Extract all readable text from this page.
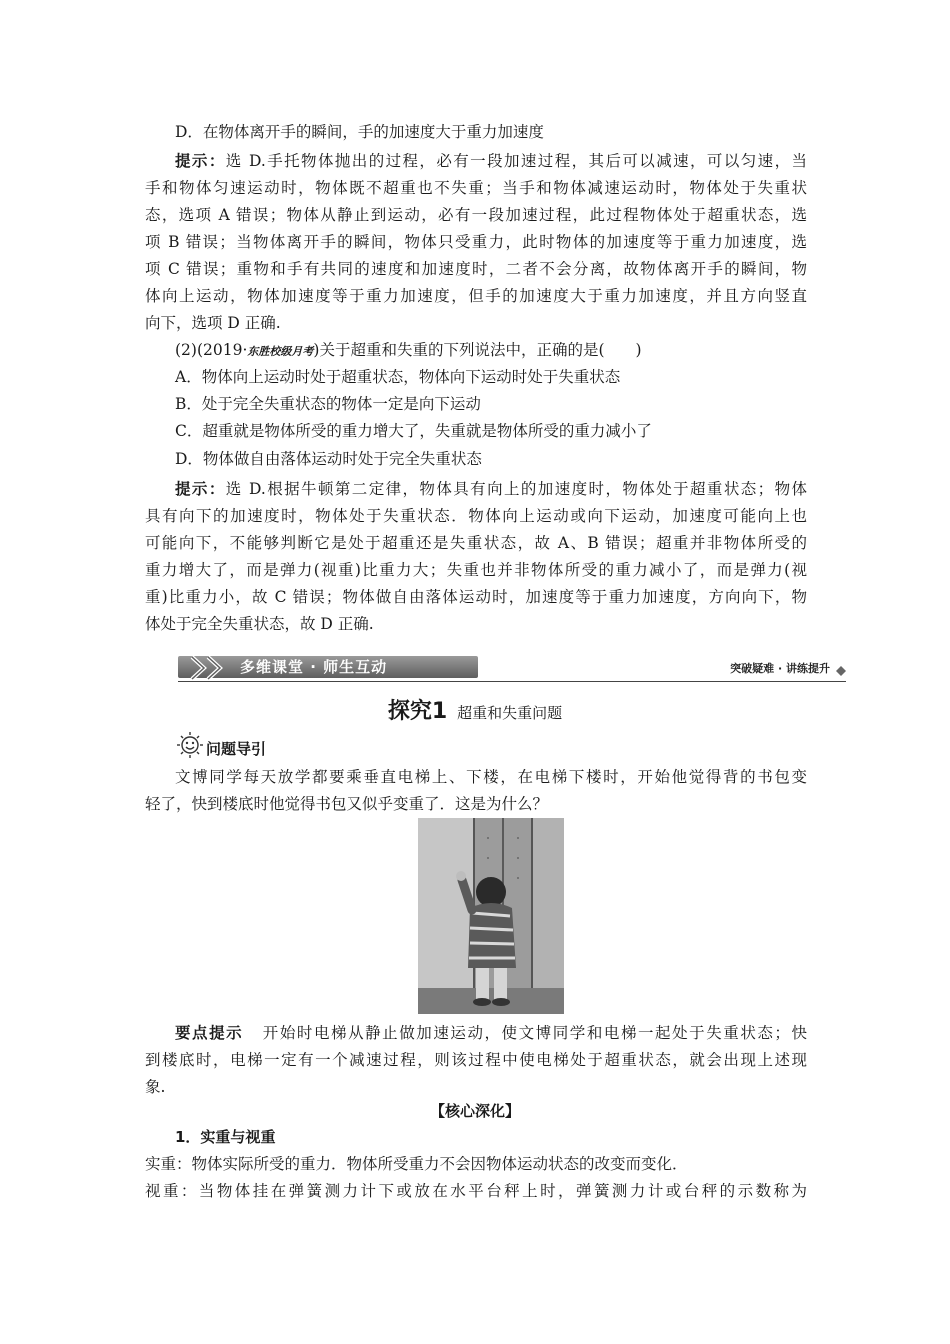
D．在物体离开手的瞬间，手的加速度大于重力加速度
提示：选 D.手托物体抛出的过程，必有一段加速过程，其后可以减速，可以匀速，当
手和物体匀速运动时，物体既不超重也不失重；当手和物体减速运动时，物体处于失重状
态，选项 A 错误；物体从静止到运动，必有一段加速过程，此过程物体处于超重状态，选
项 B 错误；当物体离开手的瞬间，物体只受重力，此时物体的加速度等于重力加速度，选
项 C 错误；重物和手有共同的速度和加速度时，二者不会分离，故物体离开手的瞬间，物
体向上运动，物体加速度等于重力加速度，但手的加速度大于重力加速度，并且方向竖直
向下，选项 D 正确.
(2)(2019·东胜校级月考)关于超重和失重的下列说法中，正确的是(　　)
A．物体向上运动时处于超重状态，物体向下运动时处于失重状态
B．处于完全失重状态的物体一定是向下运动
C．超重就是物体所受的重力增大了，失重就是物体所受的重力减小了
D．物体做自由落体运动时处于完全失重状态
提示：选 D.根据牛顿第二定律，物体具有向上的加速度时，物体处于超重状态；物体
具有向下的加速度时，物体处于失重状态．物体向上运动或向下运动，加速度可能向上也
可能向下，不能够判断它是处于超重还是失重状态，故 A、B 错误；超重并非物体所受的
重力增大了，而是弹力(视重)比重力大；失重也并非物体所受的重力减小了，而是弹力(视
重)比重力小，故 C 错误；物体做自由落体运动时，加速度等于重力加速度，方向向下，物
体处于完全失重状态，故 D 正确.
多维课堂 · 师生互动	突破疑难 · 讲练提升
探究1 超重和失重问题
问题导引
文博同学每天放学都要乘垂直电梯上、下楼，在电梯下楼时，开始他觉得背的书包变
轻了，快到楼底时他觉得书包又似乎变重了．这是为什么？
要点提示 开始时电梯从静止做加速运动，使文博同学和电梯一起处于失重状态；快
到楼底时，电梯一定有一个减速过程，则该过程中使电梯处于超重状态，就会出现上述现
象.
【核心深化】
1．实重与视重
实重：物体实际所受的重力．物体所受重力不会因物体运动状态的改变而变化．
视重：当物体挂在弹簧测力计下或放在水平台秤上时，弹簧测力计或台秤的示数称为
